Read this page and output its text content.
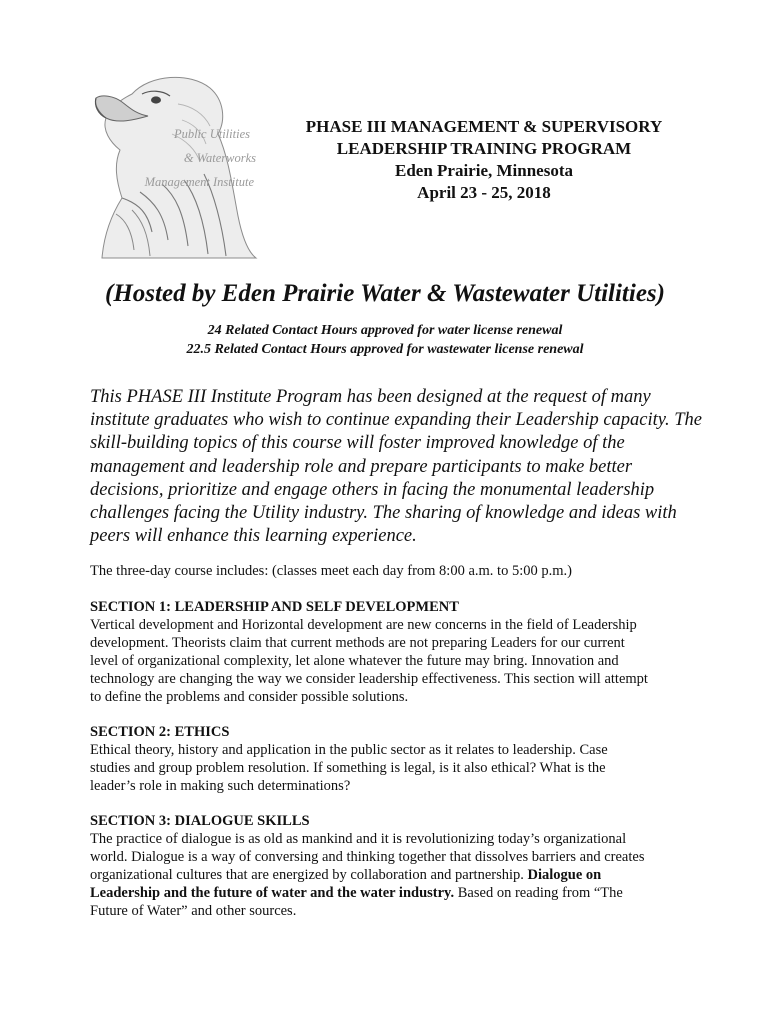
Public Utilities
& Waterworks
Management Institute
PHASE III MANAGEMENT & SUPERVISORY
LEADERSHIP TRAINING PROGRAM
Eden Prairie, Minnesota
April 23 - 25, 2018
(Hosted by Eden Prairie Water & Wastewater Utilities)
24 Related Contact Hours approved for water license renewal
22.5 Related Contact Hours approved for wastewater license renewal
This PHASE III Institute Program has been designed at the request of many
institute graduates who wish to continue expanding their Leadership capacity. The
skill-building topics of this course will foster improved knowledge of the
management and leadership role and prepare participants to make better
decisions, prioritize and engage others in facing the monumental leadership
challenges facing the Utility industry. The sharing of knowledge and ideas with
peers will enhance this learning experience.
The three-day course includes: (classes meet each day from 8:00 a.m. to 5:00 p.m.)
SECTION 1: LEADERSHIP AND SELF DEVELOPMENT
Vertical development and Horizontal development are new concerns in the field of Leadership
development. Theorists claim that current methods are not preparing Leaders for our current
level of organizational complexity, let alone whatever the future may bring. Innovation and
technology are changing the way we consider leadership effectiveness. This section will attempt
to define the problems and consider possible solutions.
SECTION 2: ETHICS
Ethical theory, history and application in the public sector as it relates to leadership. Case
studies and group problem resolution. If something is legal, is it also ethical? What is the
leader’s role in making such determinations?
SECTION 3: DIALOGUE SKILLS
The practice of dialogue is as old as mankind and it is revolutionizing today’s organizational
world. Dialogue is a way of conversing and thinking together that dissolves barriers and creates
organizational cultures that are energized by collaboration and partnership. Dialogue on
Leadership and the future of water and the water industry. Based on reading from “The
Future of Water” and other sources.
